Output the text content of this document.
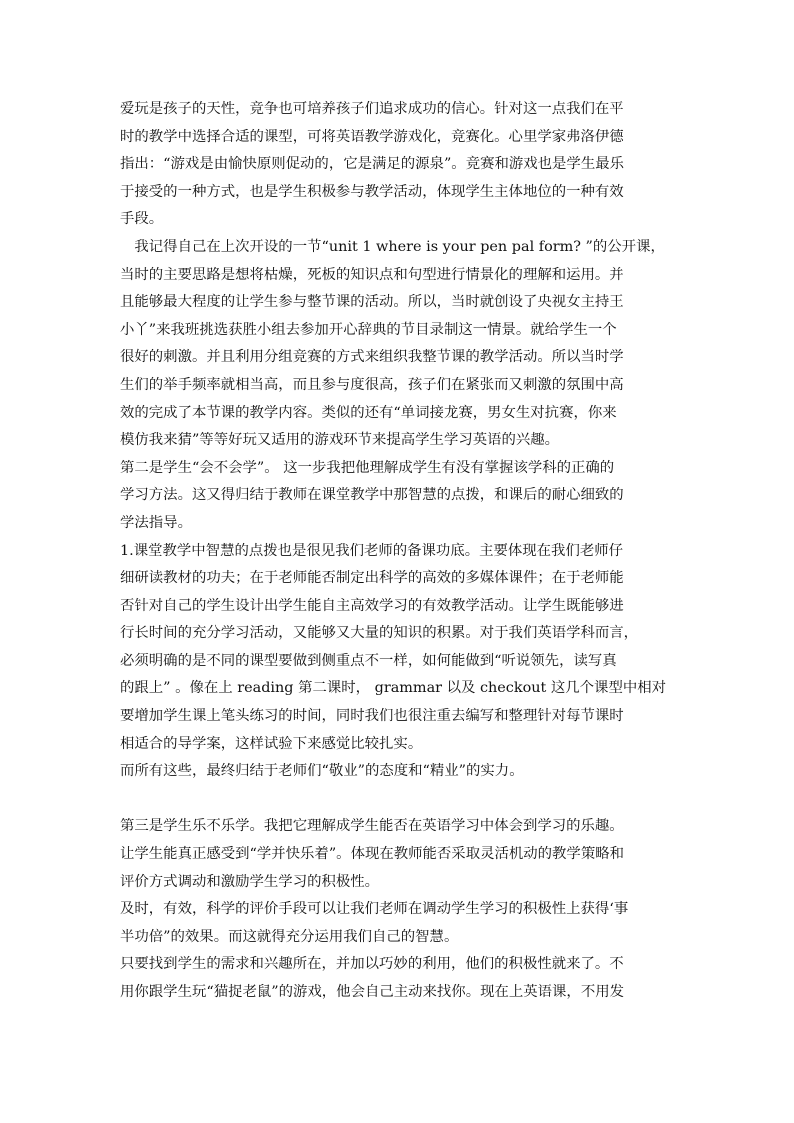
爱玩是孩子的天性，竞争也可培养孩子们追求成功的信心。针对这一点我们在平
时的教学中选择合适的课型，可将英语教学游戏化，竞赛化。心里学家弗洛伊德
指出：“游戏是由愉快原则促动的，它是满足的源泉”。竞赛和游戏也是学生最乐
于接受的一种方式，也是学生积极参与教学活动，体现学生主体地位的一种有效
手段。
　我记得自己在上次开设的一节“unit 1 where is your pen pal form? ”的公开课，
当时的主要思路是想将枯燥，死板的知识点和句型进行情景化的理解和运用。并
且能够最大程度的让学生参与整节课的活动。所以，当时就创设了央视女主持王
小丫”来我班挑选获胜小组去参加开心辞典的节目录制这一情景。就给学生一个
很好的刺激。并且利用分组竞赛的方式来组织我整节课的教学活动。所以当时学
生们的举手频率就相当高，而且参与度很高，孩子们在紧张而又刺激的氛围中高
效的完成了本节课的教学内容。类似的还有“单词接龙赛，男女生对抗赛，你来
模仿我来猜”等等好玩又适用的游戏环节来提高学生学习英语的兴趣。
第二是学生“会不会学”。 这一步我把他理解成学生有没有掌握该学科的正确的
学习方法。这又得归结于教师在课堂教学中那智慧的点拨，和课后的耐心细致的
学法指导。
1.课堂教学中智慧的点拨也是很见我们老师的备课功底。主要体现在我们老师仔
细研读教材的功夫；在于老师能否制定出科学的高效的多媒体课件；在于老师能
否针对自己的学生设计出学生能自主高效学习的有效教学活动。让学生既能够进
行长时间的充分学习活动，又能够又大量的知识的积累。对于我们英语学科而言，
必须明确的是不同的课型要做到侧重点不一样，如何能做到“听说领先，读写真
的跟上” 。像在上 reading 第二课时， grammar 以及 checkout 这几个课型中相对
要增加学生课上笔头练习的时间，同时我们也很注重去编写和整理针对每节课时
相适合的导学案，这样试验下来感觉比较扎实。
而所有这些，最终归结于老师们“敬业”的态度和“精业”的实力。
第三是学生乐不乐学。我把它理解成学生能否在英语学习中体会到学习的乐趣。
让学生能真正感受到“学并快乐着”。体现在教师能否采取灵活机动的教学策略和
评价方式调动和激励学生学习的积极性。
及时，有效，科学的评价手段可以让我们老师在调动学生学习的积极性上获得‘事
半功倍”的效果。而这就得充分运用我们自己的智慧。
只要找到学生的需求和兴趣所在，并加以巧妙的利用，他们的积极性就来了。不
用你跟学生玩“猫捉老鼠”的游戏，他会自己主动来找你。现在上英语课，不用发
